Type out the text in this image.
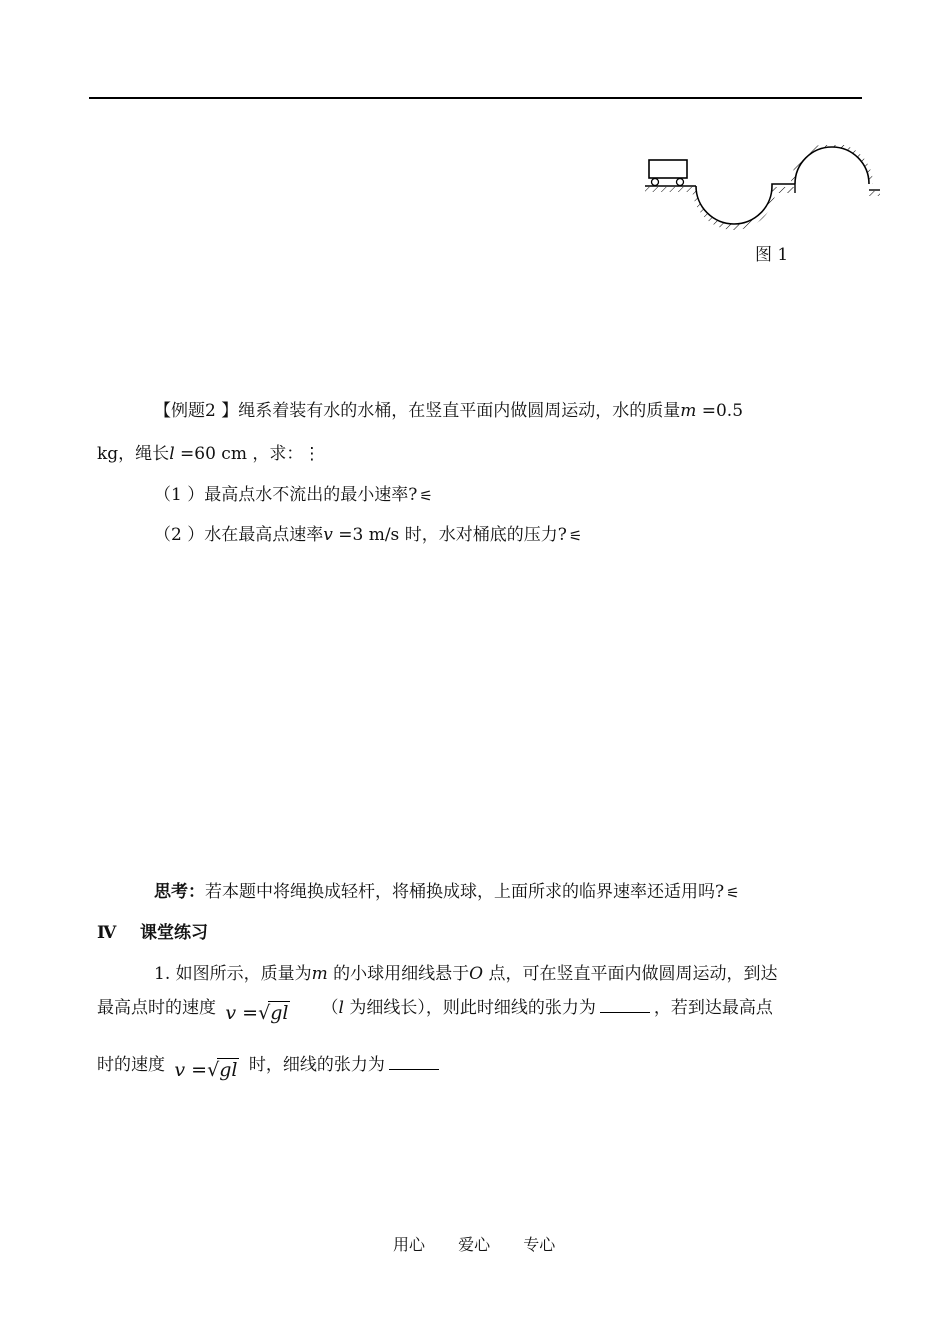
图 1
【例题2 】绳系着装有水的水桶，在竖直平面内做圆周运动，水的质量m =0.5
kg，绳长l =60 cm ，求：⋮
（1 ）最高点水不流出的最小速率? ⚟
（2 ）水在最高点速率v =3 m/s 时，水对桶底的压力? ⚟
思考：若本题中将绳换成轻杆，将桶换成球，上面所求的临界速率还适用吗? ⚟
Ⅳ 课堂练习
1. 如图所示，质量为m 的小球用细线悬于O 点，可在竖直平面内做圆周运动，到达
最高点时的速度 v =√gl （l 为细线长），则此时细线的张力为	，若到达最高点
时的速度 v =√gl 时，细线的张力为
用心 爱心 专心
